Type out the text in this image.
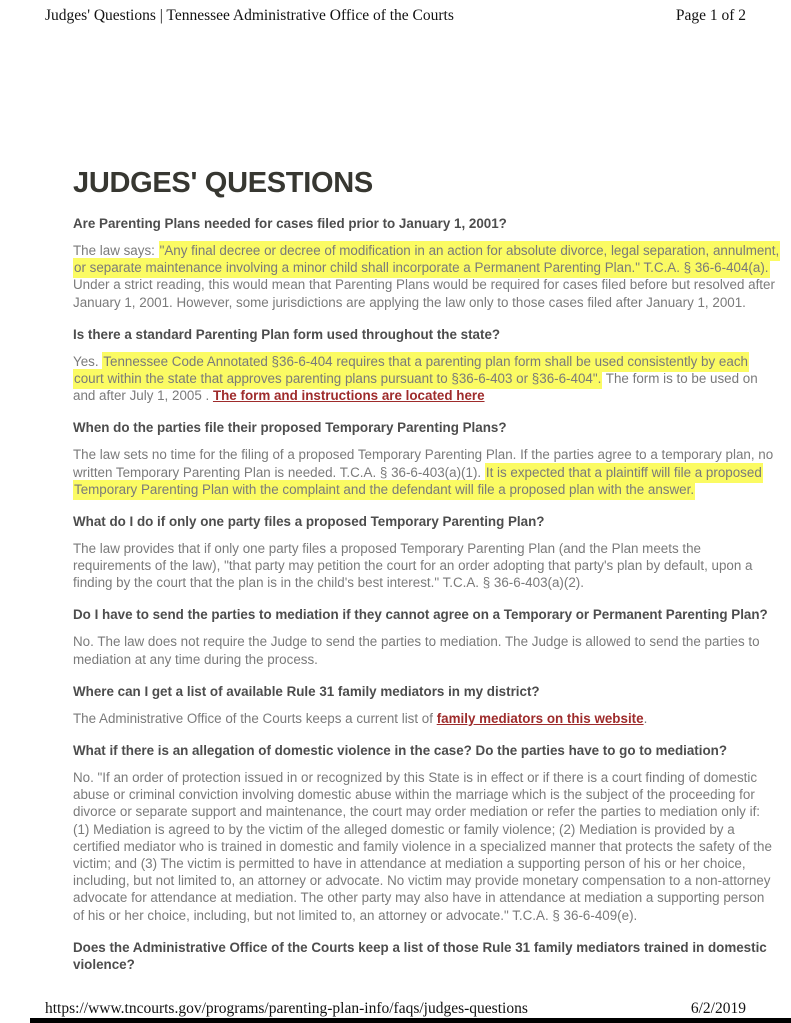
Judges' Questions | Tennessee Administrative Office of the Courts	Page 1 of 2
JUDGES' QUESTIONS
Are Parenting Plans needed for cases filed prior to January 1, 2001?
The law says: "Any final decree or decree of modification in an action for absolute divorce, legal separation, annulment,
or separate maintenance involving a minor child shall incorporate a Permanent Parenting Plan." T.C.A. § 36-6-404(a).
Under a strict reading, this would mean that Parenting Plans would be required for cases filed before but resolved after
January 1, 2001. However, some jurisdictions are applying the law only to those cases filed after January 1, 2001.
Is there a standard Parenting Plan form used throughout the state?
Yes. Tennessee Code Annotated §36-6-404 requires that a parenting plan form shall be used consistently by each
court within the state that approves parenting plans pursuant to §36-6-403 or §36-6-404". The form is to be used on
and after July 1, 2005 . The form and instructions are located here
When do the parties file their proposed Temporary Parenting Plans?
The law sets no time for the filing of a proposed Temporary Parenting Plan. If the parties agree to a temporary plan, no
written Temporary Parenting Plan is needed. T.C.A. § 36-6-403(a)(1). It is expected that a plaintiff will file a proposed
Temporary Parenting Plan with the complaint and the defendant will file a proposed plan with the answer.
What do I do if only one party files a proposed Temporary Parenting Plan?
The law provides that if only one party files a proposed Temporary Parenting Plan (and the Plan meets the
requirements of the law), "that party may petition the court for an order adopting that party's plan by default, upon a
finding by the court that the plan is in the child's best interest." T.C.A. § 36-6-403(a)(2).
Do I have to send the parties to mediation if they cannot agree on a Temporary or Permanent Parenting Plan?
No. The law does not require the Judge to send the parties to mediation. The Judge is allowed to send the parties to
mediation at any time during the process.
Where can I get a list of available Rule 31 family mediators in my district?
The Administrative Office of the Courts keeps a current list of family mediators on this website.
What if there is an allegation of domestic violence in the case? Do the parties have to go to mediation?
No. "If an order of protection issued in or recognized by this State is in effect or if there is a court finding of domestic
abuse or criminal conviction involving domestic abuse within the marriage which is the subject of the proceeding for
divorce or separate support and maintenance, the court may order mediation or refer the parties to mediation only if:
(1) Mediation is agreed to by the victim of the alleged domestic or family violence; (2) Mediation is provided by a
certified mediator who is trained in domestic and family violence in a specialized manner that protects the safety of the
victim; and (3) The victim is permitted to have in attendance at mediation a supporting person of his or her choice,
including, but not limited to, an attorney or advocate. No victim may provide monetary compensation to a non-attorney
advocate for attendance at mediation. The other party may also have in attendance at mediation a supporting person
of his or her choice, including, but not limited to, an attorney or advocate." T.C.A. § 36-6-409(e).
Does the Administrative Office of the Courts keep a list of those Rule 31 family mediators trained in domestic
violence?
https://www.tncourts.gov/programs/parenting-plan-info/faqs/judges-questions	6/2/2019
